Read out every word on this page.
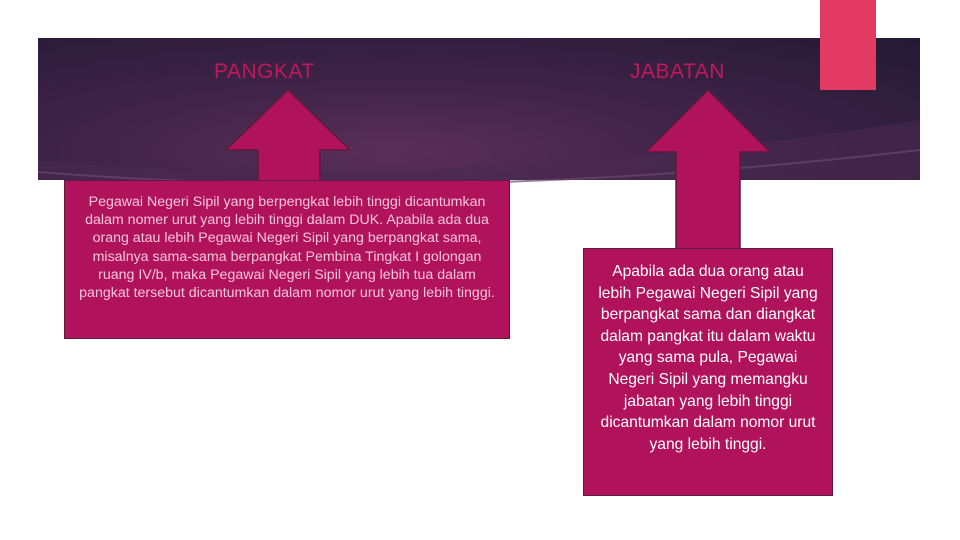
PANGKAT	JABATAN
Pegawai Negeri Sipil yang berpengkat lebih tinggi dicantumkan dalam nomer urut yang lebih tinggi dalam DUK. Apabila ada dua orang atau lebih Pegawai Negeri Sipil yang berpangkat sama, misalnya sama-sama berpangkat Pembina Tingkat I golongan ruang IV/b, maka Pegawai Negeri Sipil yang lebih tua dalam pangkat tersebut dicantumkan dalam nomor urut yang lebih tinggi.
Apabila ada dua orang atau lebih Pegawai Negeri Sipil yang berpangkat sama dan diangkat dalam pangkat itu dalam waktu yang sama pula, Pegawai Negeri Sipil yang memangku jabatan yang lebih tinggi dicantumkan dalam nomor urut yang lebih tinggi.
